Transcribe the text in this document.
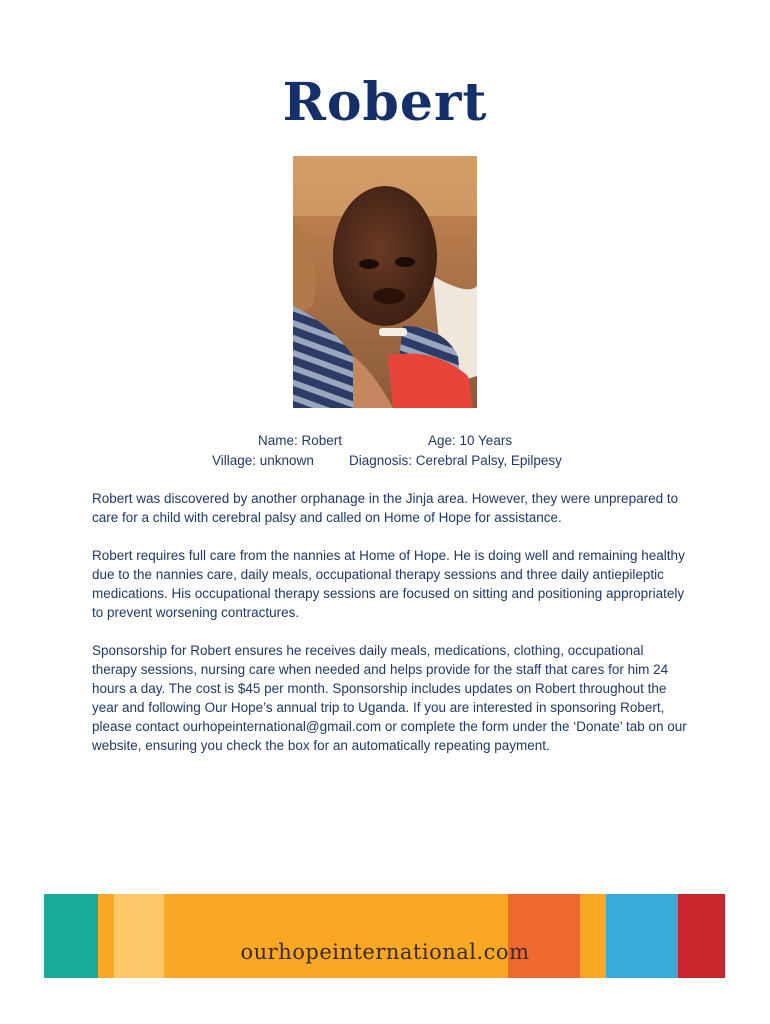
Robert
Name: Robert	Age: 10 Years
Village: unknown	Diagnosis: Cerebral Palsy, Epilpesy

Robert was discovered by another orphanage in the Jinja area. However, they were unprepared to care for a child with cerebral palsy and called on Home of Hope for assistance.

Robert requires full care from the nannies at Home of Hope. He is doing well and remaining healthy due to the nannies care, daily meals, occupational therapy sessions and three daily antiepileptic medications. His occupational therapy sessions are focused on sitting and positioning appropriately to prevent worsening contractures.

Sponsorship for Robert ensures he receives daily meals, medications, clothing, occupational therapy sessions, nursing care when needed and helps provide for the staff that cares for him 24 hours a day. The cost is $45 per month. Sponsorship includes updates on Robert throughout the year and following Our Hope’s annual trip to Uganda. If you are interested in sponsoring Robert, please contact ourhopeinternational@gmail.com or complete the form under the ‘Donate’ tab on our website, ensuring you check the box for an automatically repeating payment.

ourhopeinternational.com
